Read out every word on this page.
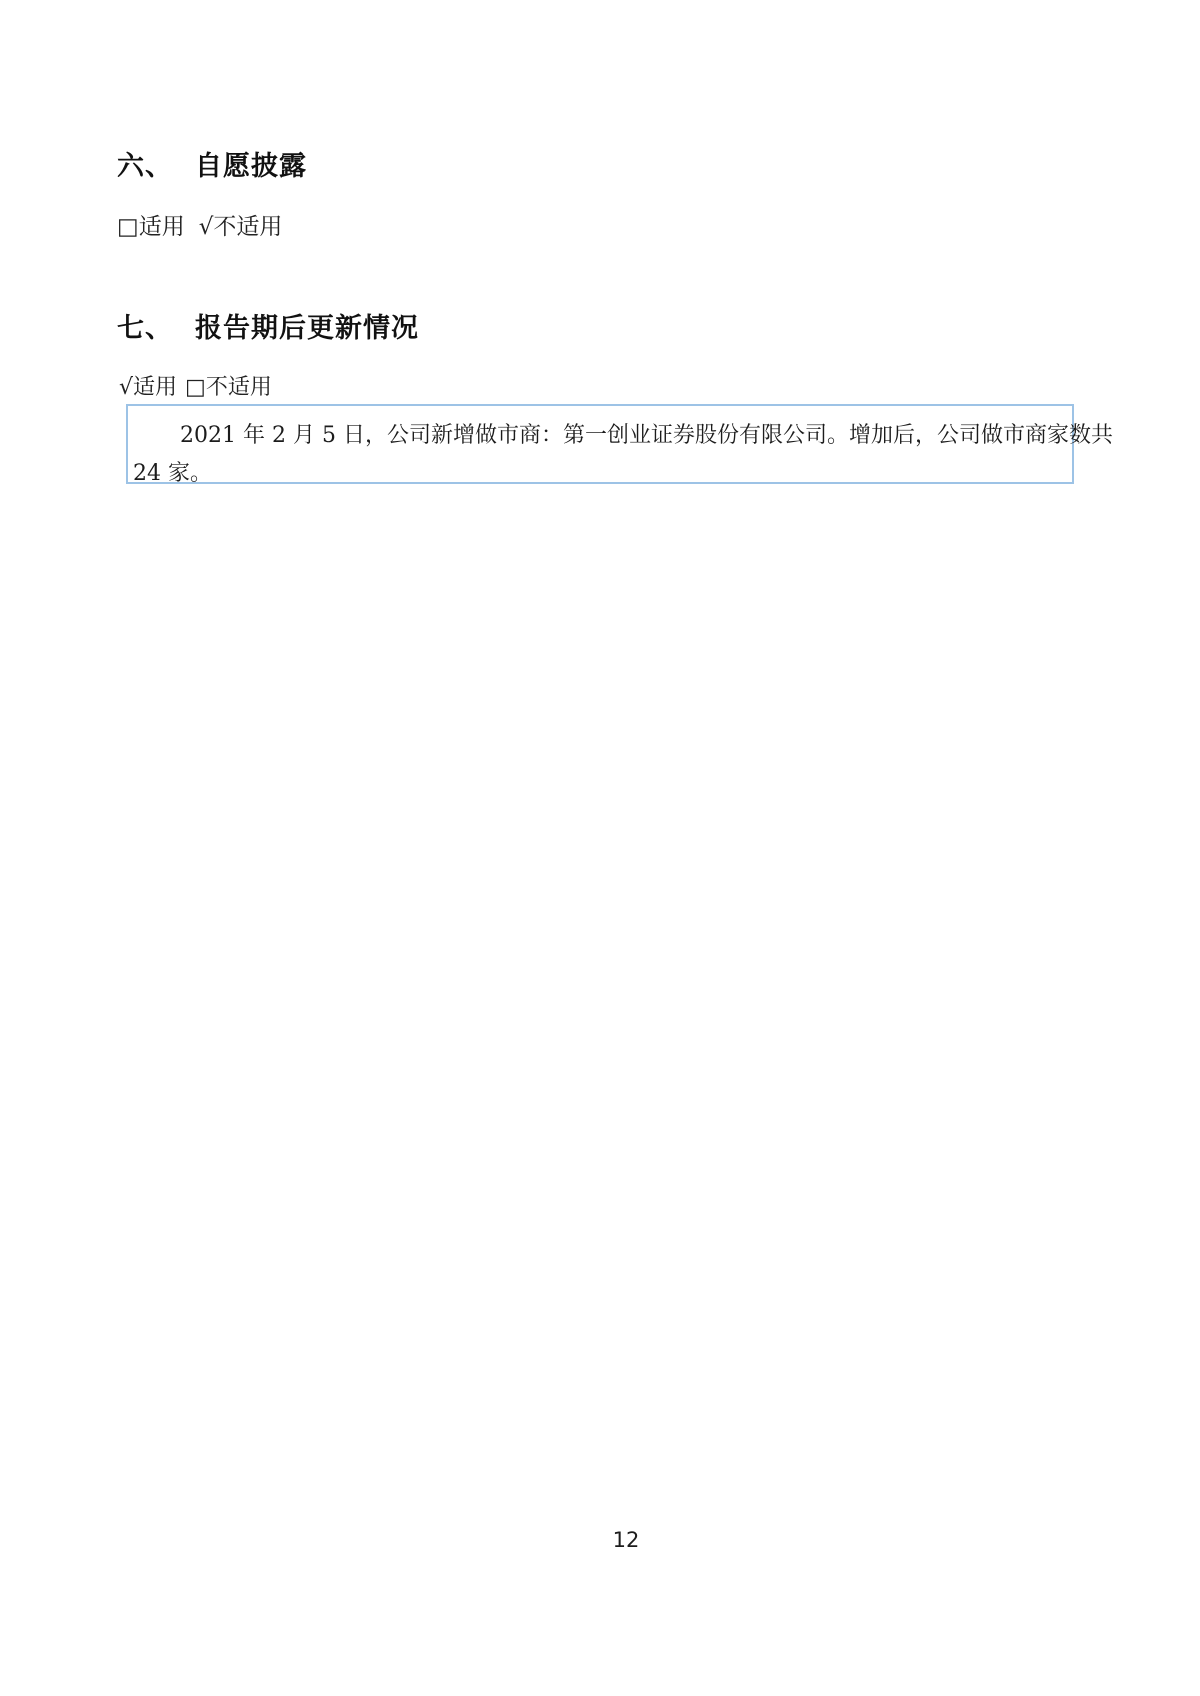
六、 自愿披露

□适用 √不适用

七、 报告期后更新情况

√适用 □不适用

2021 年 2 月 5 日，公司新增做市商：第一创业证券股份有限公司。增加后，公司做市商家数共
24 家。

12
